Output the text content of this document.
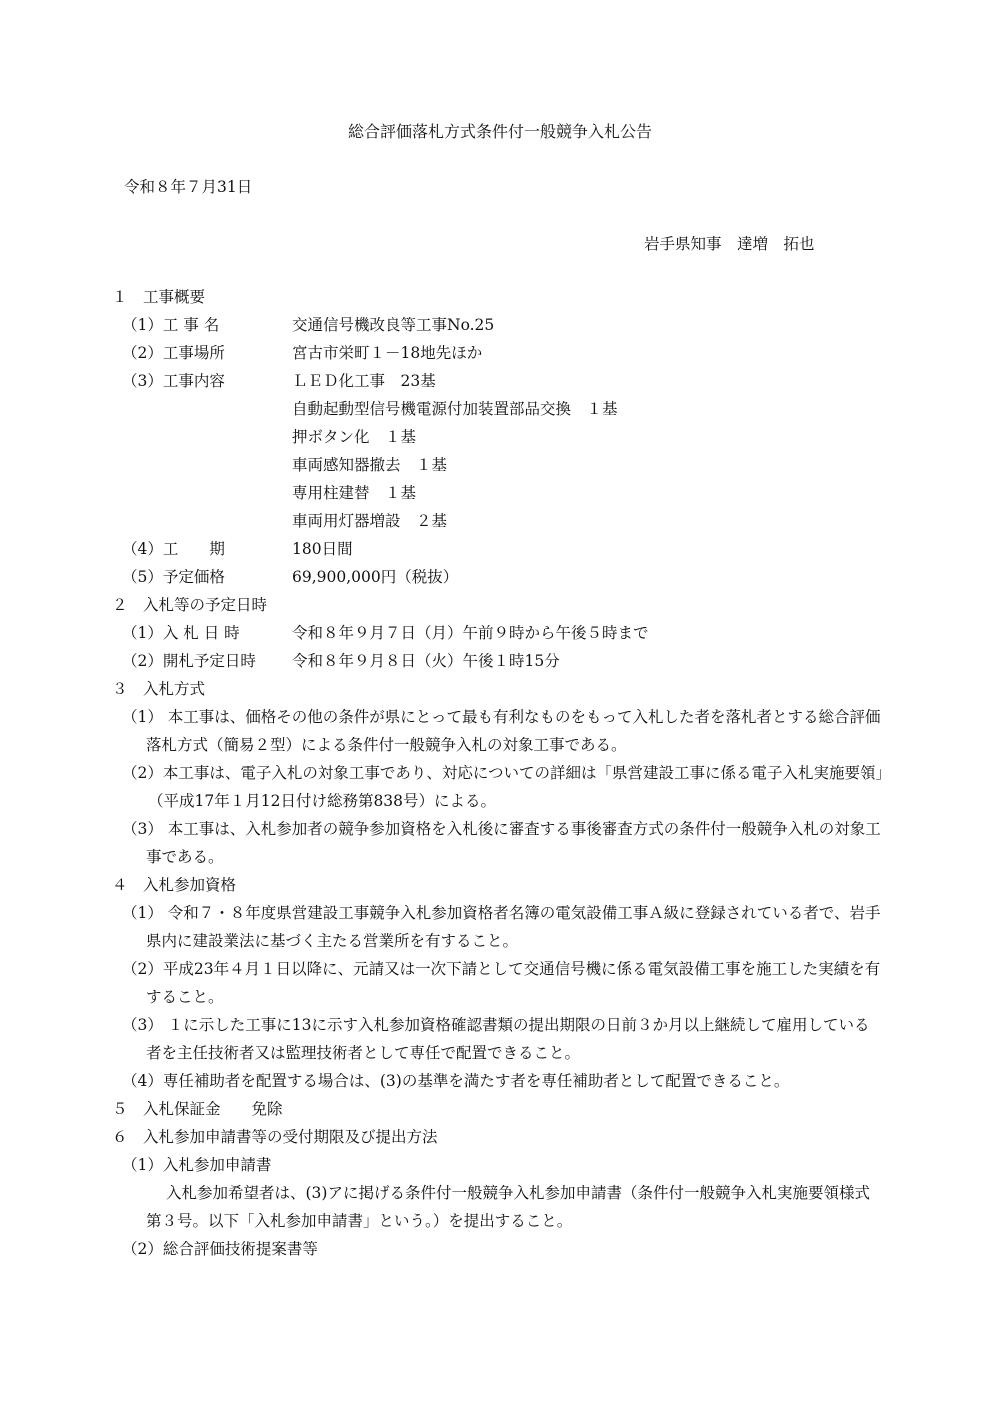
総合評価落札方式条件付一般競争入札公告
令和８年７月31日
岩手県知事　達増　拓也
１　工事概要
（1）工 事 名	交通信号機改良等工事No.25
（2）工事場所	宮古市栄町１－18地先ほか
（3）工事内容	ＬＥＤ化工事　23基
自動起動型信号機電源付加装置部品交換　１基
押ボタン化　１基
車両感知器撤去　１基
専用柱建替　１基
車両用灯器増設　２基
（4）工　　期	180日間
（5）予定価格	69,900,000円（税抜）
２　入札等の予定日時
（1）入 札 日 時	令和８年９月７日（月）午前９時から午後５時まで
（2）開札予定日時 令和８年９月８日（火）午後１時15分
３　入札方式
（1） 本工事は、価格その他の条件が県にとって最も有利なものをもって入札した者を落札者とする総合評価
落札方式（簡易２型）による条件付一般競争入札の対象工事である。
（2）本工事は、電子入札の対象工事であり、対応についての詳細は「県営建設工事に係る電子入札実施要領」
（平成17年１月12日付け総務第838号）による。
（3） 本工事は、入札参加者の競争参加資格を入札後に審査する事後審査方式の条件付一般競争入札の対象工
事である。
４　入札参加資格
（1） 令和７・８年度県営建設工事競争入札参加資格者名簿の電気設備工事Ａ級に登録されている者で、岩手
県内に建設業法に基づく主たる営業所を有すること。
（2）平成23年４月１日以降に、元請又は一次下請として交通信号機に係る電気設備工事を施工した実績を有
すること。
（3） １に示した工事に13に示す入札参加資格確認書類の提出期限の日前３か月以上継続して雇用している
者を主任技術者又は監理技術者として専任で配置できること。
（4）専任補助者を配置する場合は、(3)の基準を満たす者を専任補助者として配置できること。
５　入札保証金　　免除
６　入札参加申請書等の受付期限及び提出方法
（1）入札参加申請書
入札参加希望者は、(3)アに掲げる条件付一般競争入札参加申請書（条件付一般競争入札実施要領様式
第３号。以下「入札参加申請書」という。）を提出すること。
（2）総合評価技術提案書等
